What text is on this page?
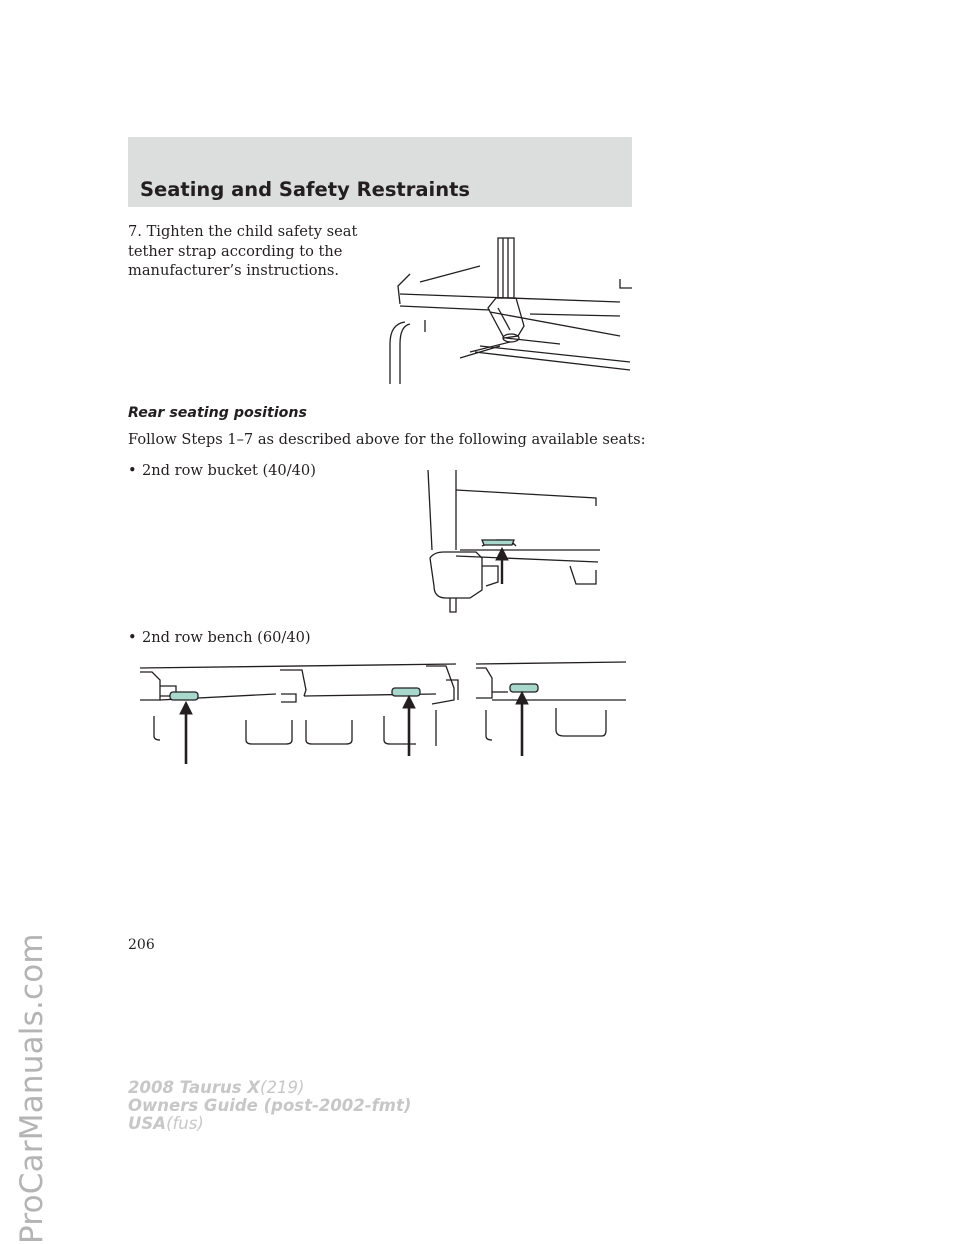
ProCarManuals.com
Seating and Safety Restraints
7. Tighten the child safety seat tether strap according to the manufacturer’s instructions.
Rear seating positions
Follow Steps 1–7 as described above for the following available seats:
• 2nd row bucket (40/40)
• 2nd row bench (60/40)
206
2008 Taurus X(219)
Owners Guide (post-2002-fmt)
USA(fus)
